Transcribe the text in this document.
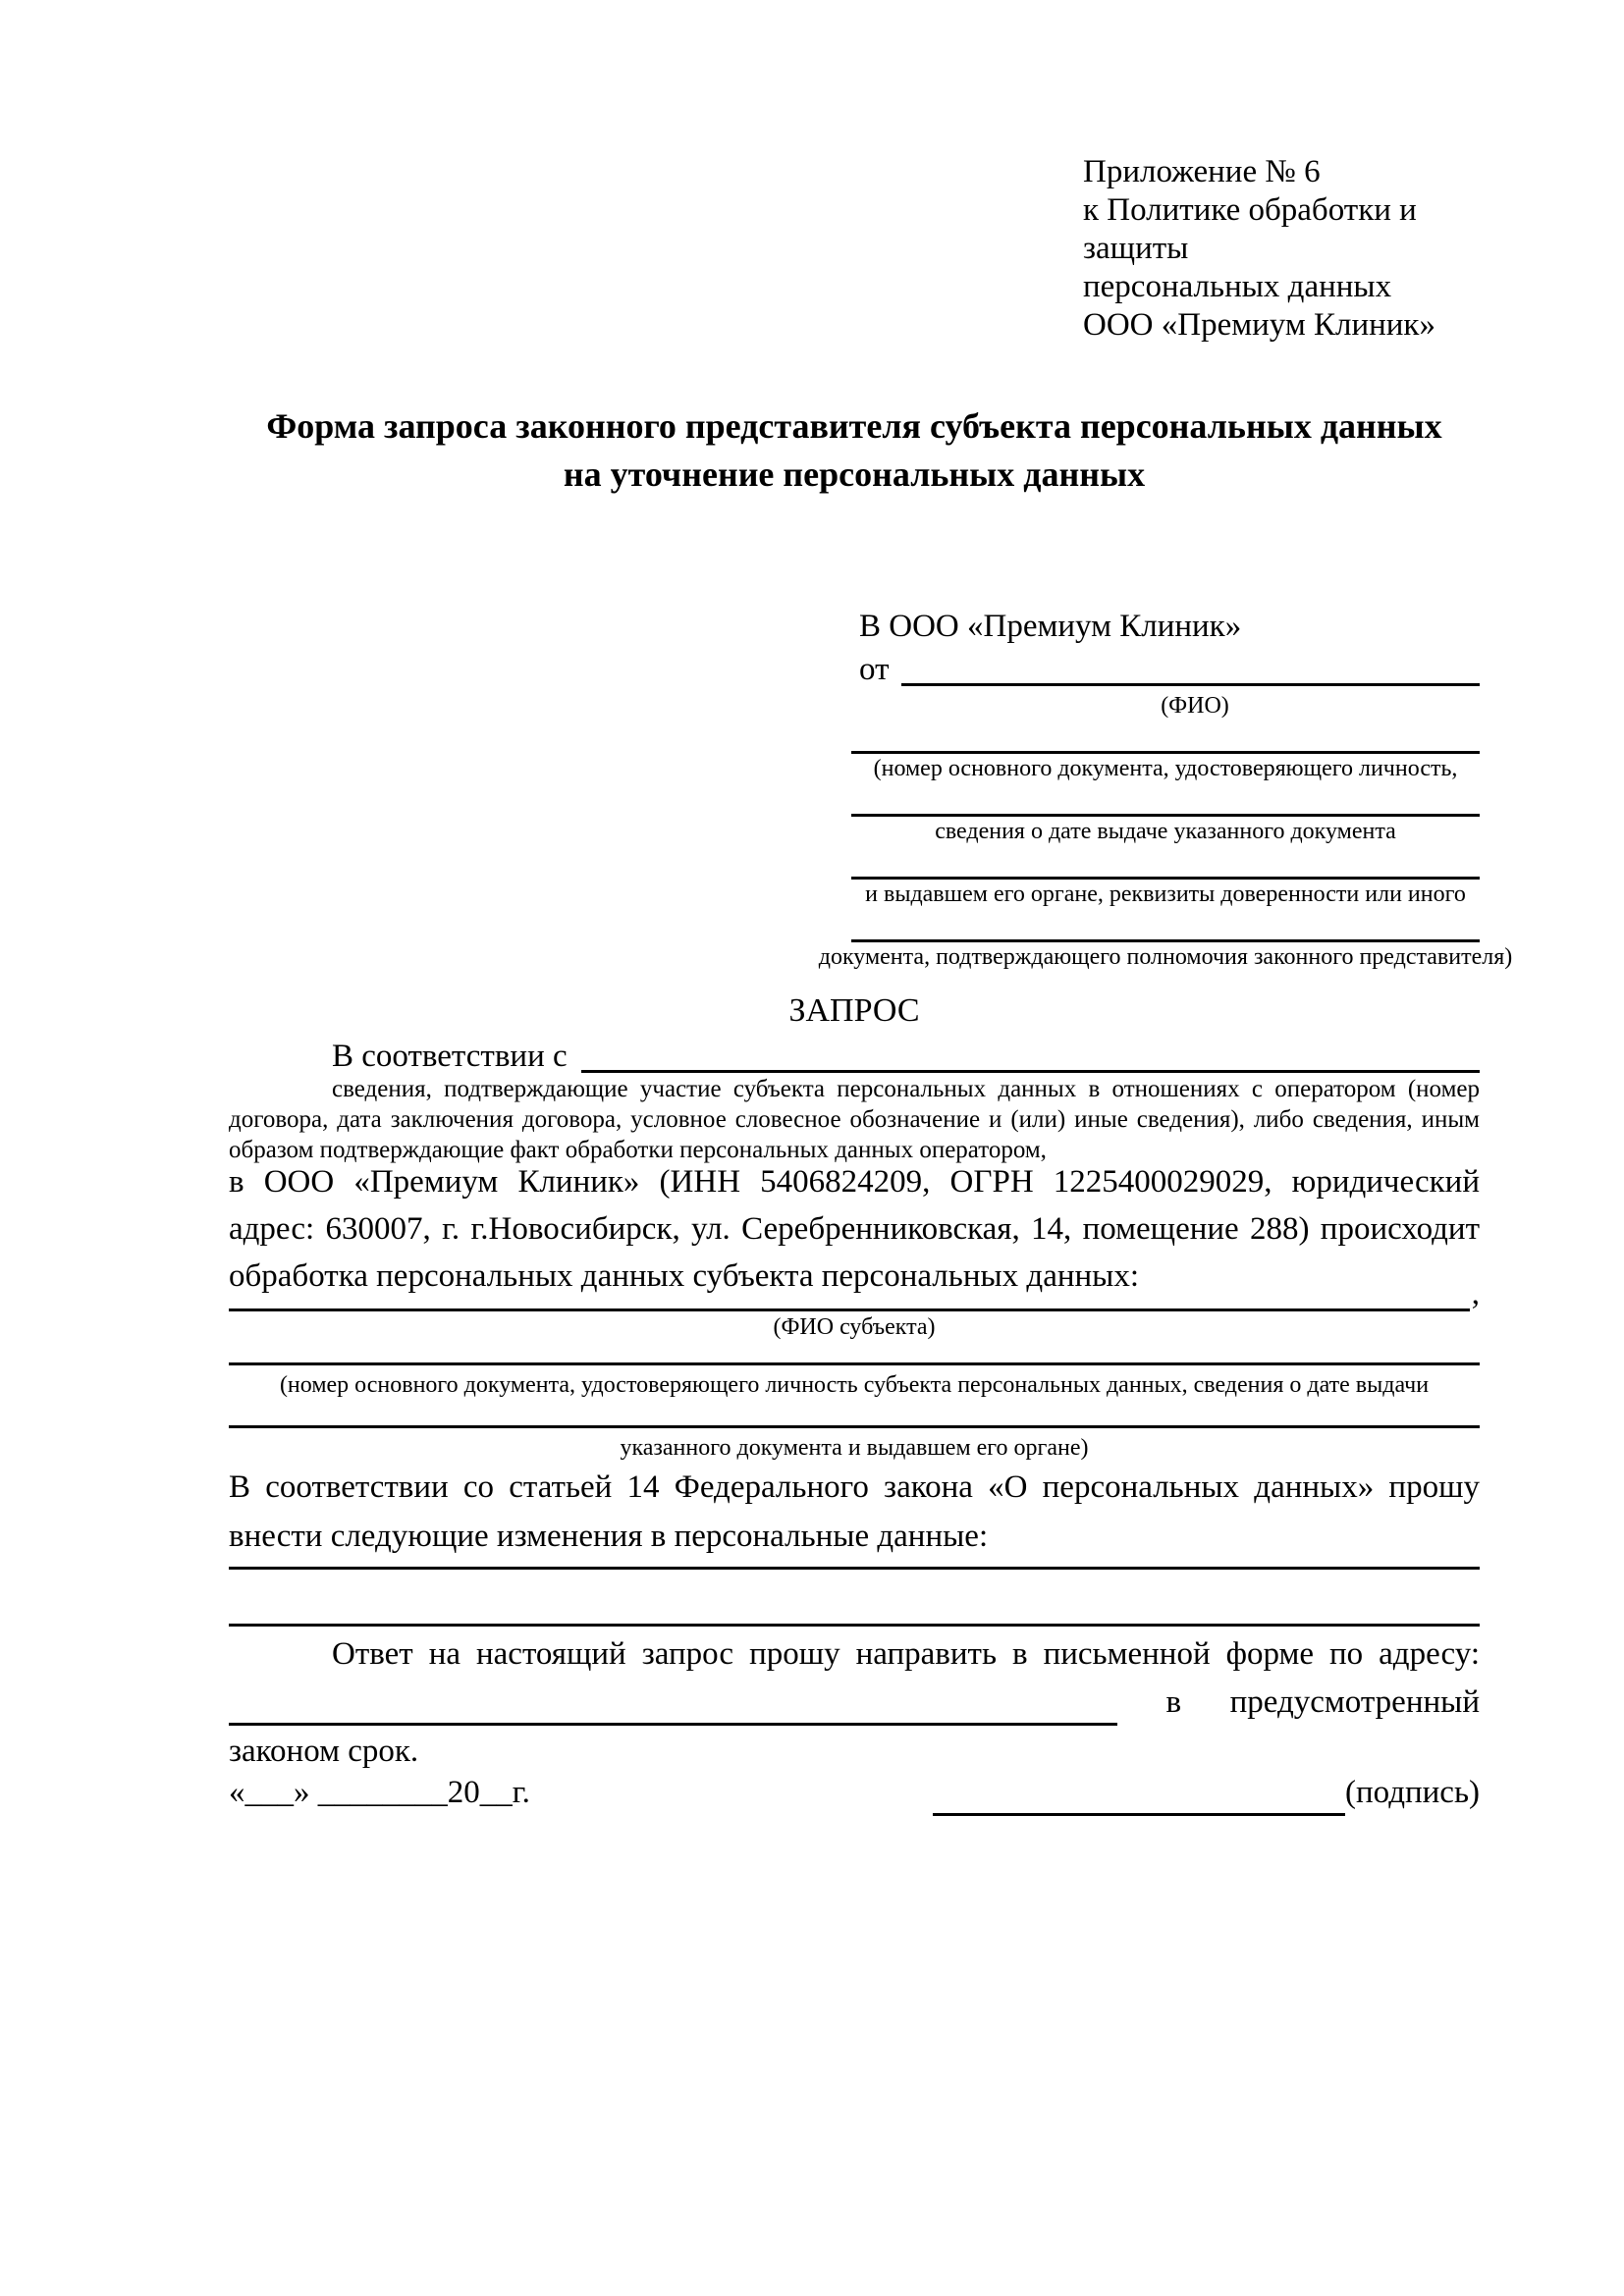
Приложение № 6
к Политике обработки и защиты
персональных данных
ООО «Премиум Клиник»
Форма запроса законного представителя субъекта персональных данных
на уточнение персональных данных
В ООО «Премиум Клиник»
от
(ФИО)
(номер основного документа, удостоверяющего личность,
сведения о дате выдаче указанного документа
и выдавшем его органе, реквизиты доверенности или иного
документа, подтверждающего полномочия законного представителя)
ЗАПРОС
В соответствии с
сведения, подтверждающие участие субъекта персональных данных в отношениях с оператором (номер договора, дата заключения договора, условное словесное обозначение и (или) иные сведения), либо сведения, иным образом подтверждающие факт обработки персональных данных оператором,
в ООО «Премиум Клиник» (ИНН 5406824209, ОГРН 1225400029029, юридический адрес: 630007, г. г.Новосибирск, ул. Серебренниковская, 14, помещение 288) происходит обработка персональных данных субъекта персональных данных:	,
(ФИО субъекта)
(номер основного документа, удостоверяющего личность субъекта персональных данных, сведения о дате выдачи
указанного документа и выдавшем его органе)
В соответствии со статьей 14 Федерального закона «О персональных данных» прошу внести следующие изменения в персональные данные:
Ответ на настоящий запрос прошу направить в письменной форме по адресу:
в предусмотренный
законом срок.
«___» ________20__г.	(подпись)
